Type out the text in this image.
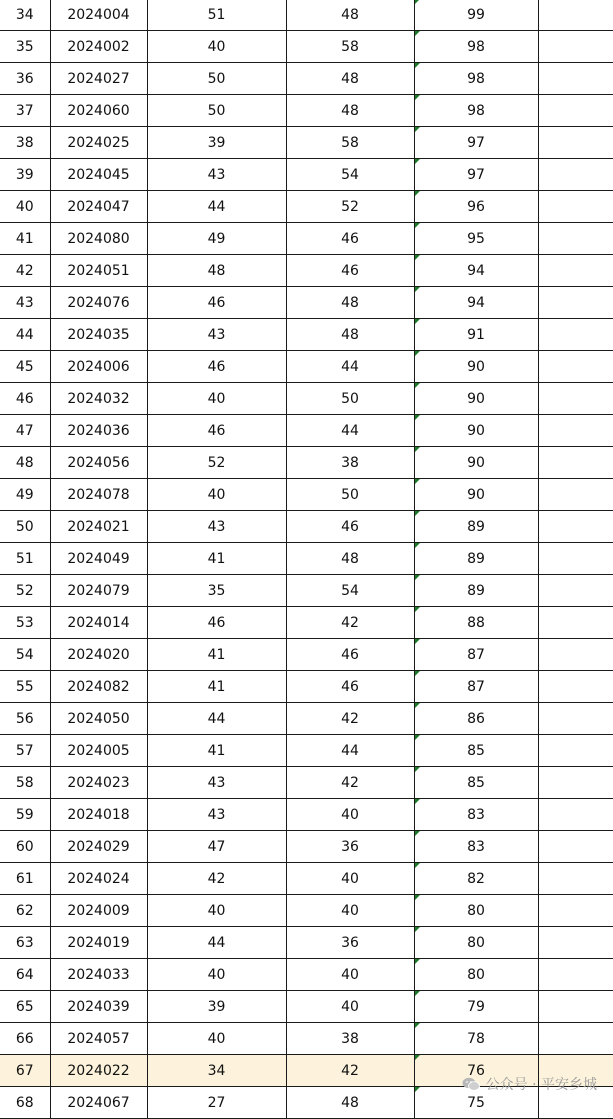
34	2024004	51	48	99	
35	2024002	40	58	98	
36	2024027	50	48	98	
37	2024060	50	48	98	
38	2024025	39	58	97	
39	2024045	43	54	97	
40	2024047	44	52	96	
41	2024080	49	46	95	
42	2024051	48	46	94	
43	2024076	46	48	94	
44	2024035	43	48	91	
45	2024006	46	44	90	
46	2024032	40	50	90	
47	2024036	46	44	90	
48	2024056	52	38	90	
49	2024078	40	50	90	
50	2024021	43	46	89	
51	2024049	41	48	89	
52	2024079	35	54	89	
53	2024014	46	42	88	
54	2024020	41	46	87	
55	2024082	41	46	87	
56	2024050	44	42	86	
57	2024005	41	44	85	
58	2024023	43	42	85	
59	2024018	43	40	83	
60	2024029	47	36	83	
61	2024024	42	40	82	
62	2024009	40	40	80	
63	2024019	44	36	80	
64	2024033	40	40	80	
65	2024039	39	40	79	
66	2024057	40	38	78	
67	2024022	34	42	76	
68	2024067	27	48	75	
公众号 · 平安乡城
